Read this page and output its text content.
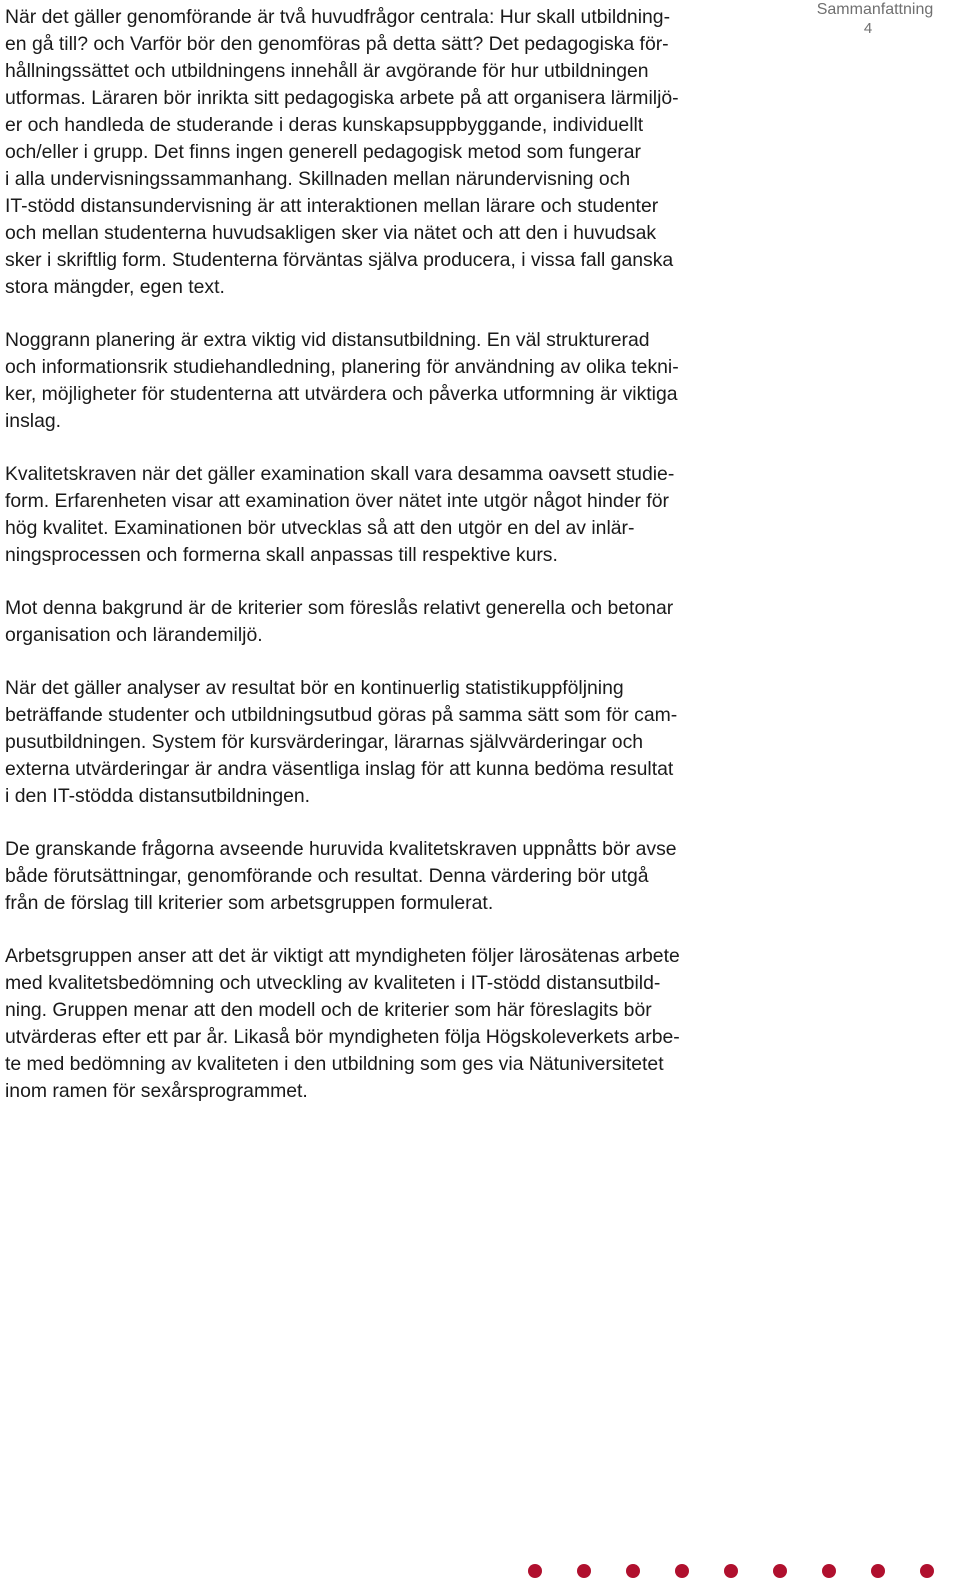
Sammanfattning
4

När det gäller genomförande är två huvudfrågor centrala: Hur skall utbildning-
en gå till? och Varför bör den genomföras på detta sätt? Det pedagogiska för-
hållningssättet och utbildningens innehåll är avgörande för hur utbildningen
utformas. Läraren bör inrikta sitt pedagogiska arbete på att organisera lärmiljö-
er och handleda de studerande i deras kunskapsuppbyggande, individuellt
och/eller i grupp. Det finns ingen generell pedagogisk metod som fungerar
i alla undervisningssammanhang. Skillnaden mellan närundervisning och
IT-stödd distansundervisning är att interaktionen mellan lärare och studenter
och mellan studenterna huvudsakligen sker via nätet och att den i huvudsak
sker i skriftlig form. Studenterna förväntas själva producera, i vissa fall ganska
stora mängder, egen text.

Noggrann planering är extra viktig vid distansutbildning. En väl strukturerad
och informationsrik studiehandledning, planering för användning av olika tekni-
ker, möjligheter för studenterna att utvärdera och påverka utformning är viktiga
inslag.

Kvalitetskraven när det gäller examination skall vara desamma oavsett studie-
form. Erfarenheten visar att examination över nätet inte utgör något hinder för
hög kvalitet. Examinationen bör utvecklas så att den utgör en del av inlär-
ningsprocessen och formerna skall anpassas till respektive kurs.

Mot denna bakgrund är de kriterier som föreslås relativt generella och betonar
organisation och lärandemiljö.

När det gäller analyser av resultat bör en kontinuerlig statistikuppföljning
beträffande studenter och utbildningsutbud göras på samma sätt som för cam-
pusutbildningen. System för kursvärderingar, lärarnas självvärderingar och
externa utvärderingar är andra väsentliga inslag för att kunna bedöma resultat
i den IT-stödda distansutbildningen.

De granskande frågorna avseende huruvida kvalitetskraven uppnåtts bör avse
både förutsättningar, genomförande och resultat. Denna värdering bör utgå
från de förslag till kriterier som arbetsgruppen formulerat.

Arbetsgruppen anser att det är viktigt att myndigheten följer lärosätenas arbete
med kvalitetsbedömning och utveckling av kvaliteten i IT-stödd distansutbild-
ning. Gruppen menar att den modell och de kriterier som här föreslagits bör
utvärderas efter ett par år. Likaså bör myndigheten följa Högskoleverkets arbe-
te med bedömning av kvaliteten i den utbildning som ges via Nätuniversitetet
inom ramen för sexårsprogrammet.
